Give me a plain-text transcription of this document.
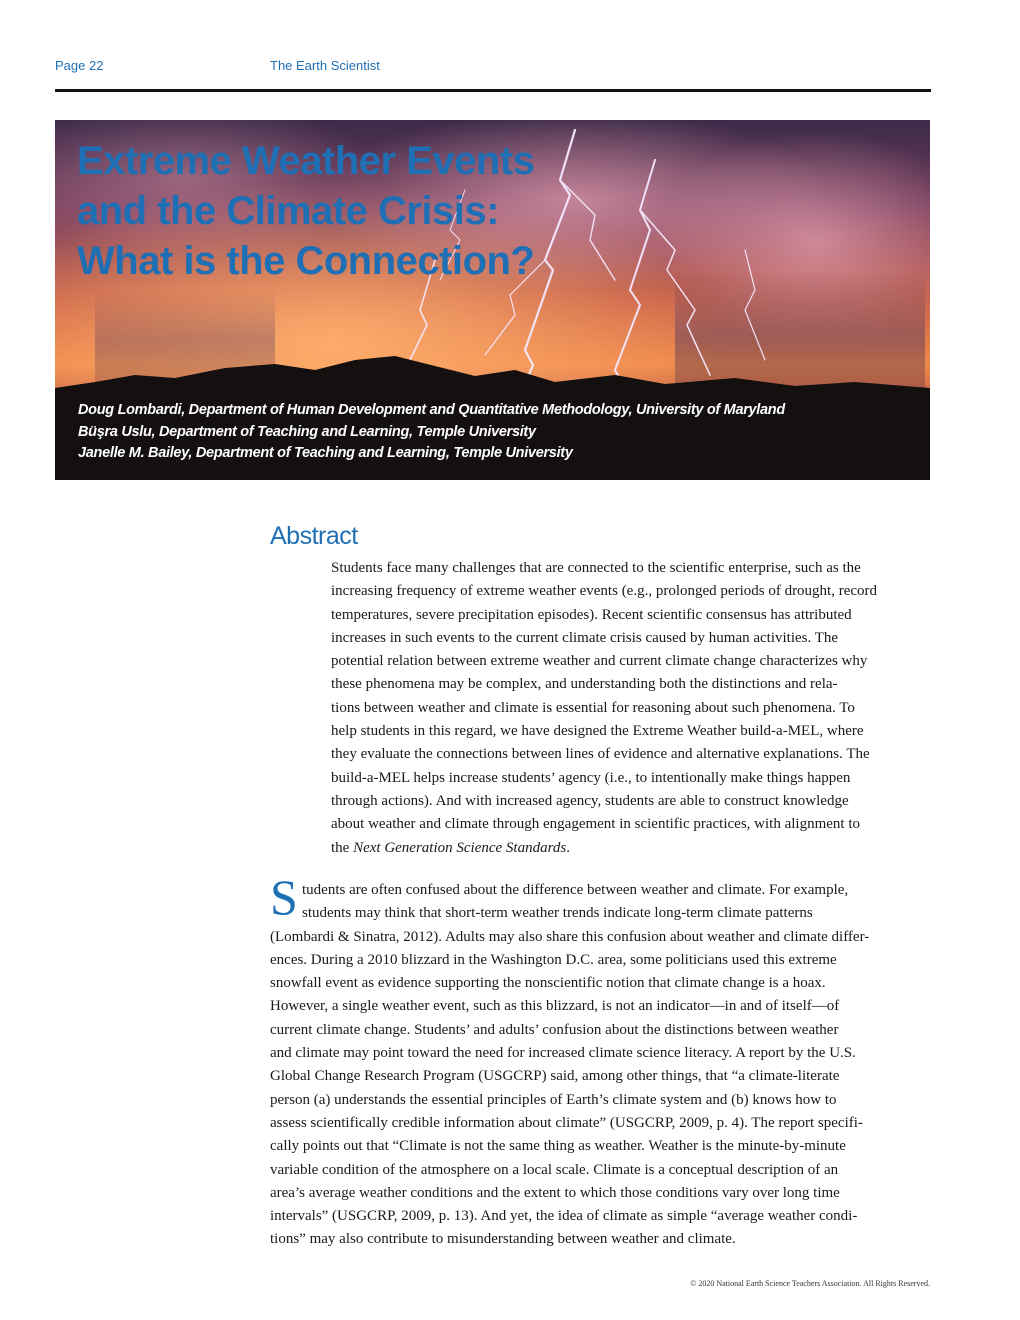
Page 22	The Earth Scientist
Extreme Weather Events
and the Climate Crisis:
What is the Connection?
Doug Lombardi, Department of Human Development and Quantitative Methodology, University of Maryland
Büşra Uslu, Department of Teaching and Learning, Temple University
Janelle M. Bailey, Department of Teaching and Learning, Temple University
Abstract
Students face many challenges that are connected to the scientific enterprise, such as the
increasing frequency of extreme weather events (e.g., prolonged periods of drought, record
temperatures, severe precipitation episodes). Recent scientific consensus has attributed
increases in such events to the current climate crisis caused by human activities. The
potential relation between extreme weather and current climate change characterizes why
these phenomena may be complex, and understanding both the distinctions and rela-
tions between weather and climate is essential for reasoning about such phenomena. To
help students in this regard, we have designed the Extreme Weather build-a-MEL, where
they evaluate the connections between lines of evidence and alternative explanations. The
build-a-MEL helps increase students’ agency (i.e., to intentionally make things happen
through actions). And with increased agency, students are able to construct knowledge
about weather and climate through engagement in scientific practices, with alignment to
the Next Generation Science Standards.
S tudents are often confused about the difference between weather and climate. For example,
students may think that short-term weather trends indicate long-term climate patterns
(Lombardi & Sinatra, 2012). Adults may also share this confusion about weather and climate differ-
ences. During a 2010 blizzard in the Washington D.C. area, some politicians used this extreme
snowfall event as evidence supporting the nonscientific notion that climate change is a hoax.
However, a single weather event, such as this blizzard, is not an indicator—in and of itself—of
current climate change. Students’ and adults’ confusion about the distinctions between weather
and climate may point toward the need for increased climate science literacy. A report by the U.S.
Global Change Research Program (USGCRP) said, among other things, that “a climate-literate
person (a) understands the essential principles of Earth’s climate system and (b) knows how to
assess scientifically credible information about climate” (USGCRP, 2009, p. 4). The report specifi-
cally points out that “Climate is not the same thing as weather. Weather is the minute-by-minute
variable condition of the atmosphere on a local scale. Climate is a conceptual description of an
area’s average weather conditions and the extent to which those conditions vary over long time
intervals” (USGCRP, 2009, p. 13). And yet, the idea of climate as simple “average weather condi-
tions” may also contribute to misunderstanding between weather and climate.
© 2020 National Earth Science Teachers Association. All Rights Reserved.
